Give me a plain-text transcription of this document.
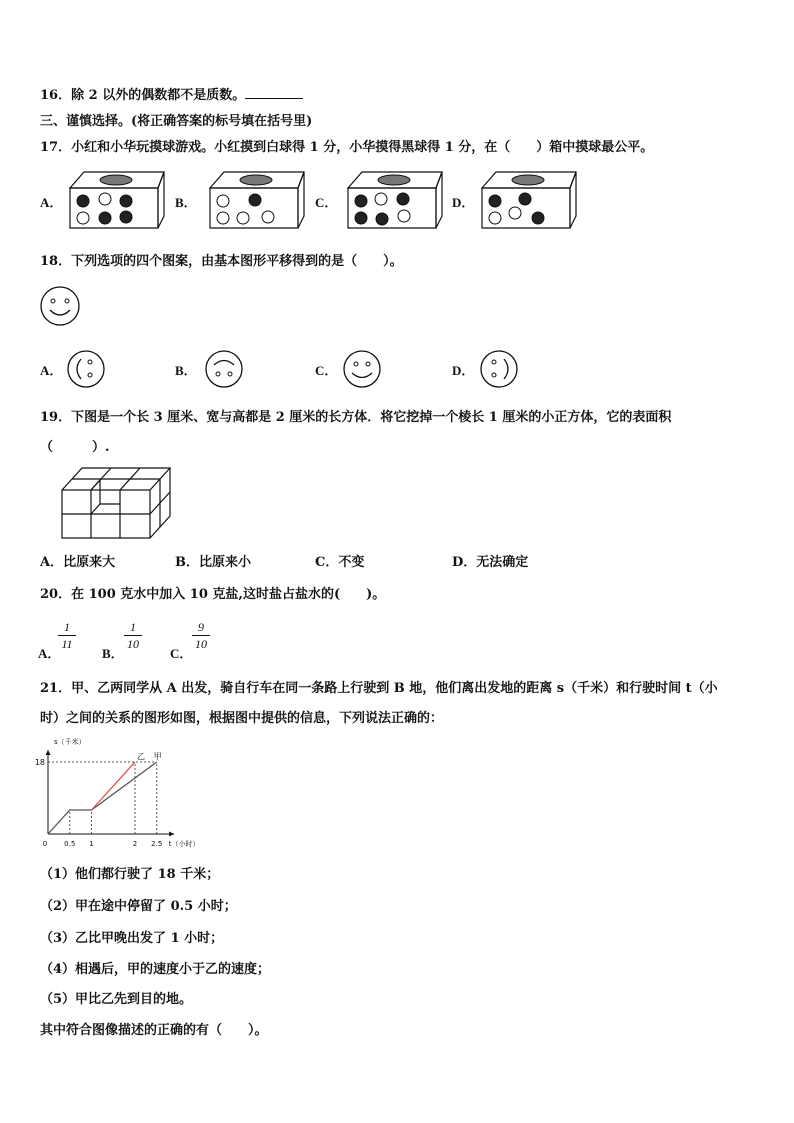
16．除 2 以外的偶数都不是质数。
三、谨慎选择。(将正确答案的标号填在括号里)
17．小红和小华玩摸球游戏。小红摸到白球得 1 分，小华摸得黑球得 1 分，在（　　）箱中摸球最公平。
A．	B．	C．	D．
18．下列选项的四个图案，由基本图形平移得到的是（　　）。
A．	B．	C．	D．
19．下图是一个长 3 厘米、宽与高都是 2 厘米的长方体．将它挖掉一个棱长 1 厘米的小正方体，它的表面积
（　　　）.
A．比原来大	B．比原来小	C．不变	D．无法确定
20．在 100 克水中加入 10 克盐,这时盐占盐水的(　　)。
A．
1
11
B．
1
10
C．
9
10
21．甲、乙两同学从 A 出发，骑自行车在同一条路上行驶到 B 地，他们离出发地的距离 s（千米）和行驶时间 t（小
时）之间的关系的图形如图，根据图中提供的信息，下列说法正确的：
0 0.5 1	2 2.5
18
s（千米）
t（小时）
乙 甲
（1）他们都行驶了 18 千米；
（2）甲在途中停留了 0.5 小时；
（3）乙比甲晚出发了 1 小时；
（4）相遇后，甲的速度小于乙的速度；
（5）甲比乙先到目的地。
其中符合图像描述的正确的有（　　）。
